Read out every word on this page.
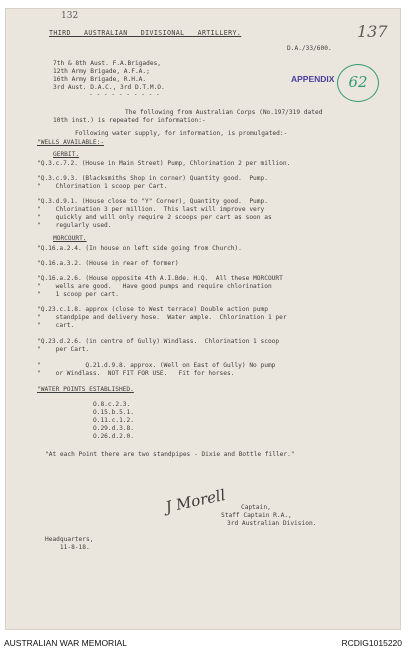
132
THIRD   AUSTRALIAN   DIVISIONAL   ARTILLERY.
D.A./33/600.
137
APPENDIX 62
7th & 8th Aust. F.A.Brigades,
12th Army Brigade, A.F.A.;
16th Army Brigade, R.H.A.
3rd Aust. D.A.C., 3rd D.T.M.O.
- - - - - - - - - -
The following from Australian Corps (No.197/319 dated
10th inst.) is repeated for information:-
Following water supply, for information, is promulgated:-
"WELLS AVAILABLE:-
GERBIT.
"Q.3.c.7.2. (House in Main Street) Pump, Chlorination 2 per million.
"Q.3.c.9.3. (Blacksmiths Shop in corner) Quantity good.  Pump.
"    Chlorination 1 scoop per Cart.
"Q.3.d.9.1. (House close to "Y" Corner), Quantity good.  Pump.
"    Chlorination 3 per million.  This last will improve very
"    quickly and will only require 2 scoops per cart as soon as
"    regularly used.
MORCOURT.
"Q.16.a.2.4. (In house on left side going from Church).
"Q.16.a.3.2. (House in rear of former)
"Q.16.a.2.6. (House opposite 4th A.I.Bde. H.Q.  All these MORCOURT
"    wells are good.   Have good pumps and require chlorination
"    1 scoop per cart.
"Q.23.c.1.8. approx (close to West terrace) Double action pump
"    standpipe and delivery hose.  Water ample.  Chlorination 1 per
"    cart.
"Q.23.d.2.6. (in centre of Gully) Windlass.  Chlorination 1 scoop
"    per Cart.
"            Q.21.d.9.8. approx. (Well on East of Gully) No pump
"    or Windlass.  NOT FIT FOR USE.   Fit for horses.
"WATER POINTS ESTABLISHED.
O.8.c.2.3.
O.15.b.5.1.
O.11.c.1.2.
O.29.d.3.8.
O.26.d.2.0.
"At each Point there are two standpipes - Dixie and Bottle filler."
J Morell Captain,
Staff Captain R.A.,
3rd Australian Division.
Headquarters,
11-8-18.
AUSTRALIAN WAR MEMORIAL	RCDIG1015220
